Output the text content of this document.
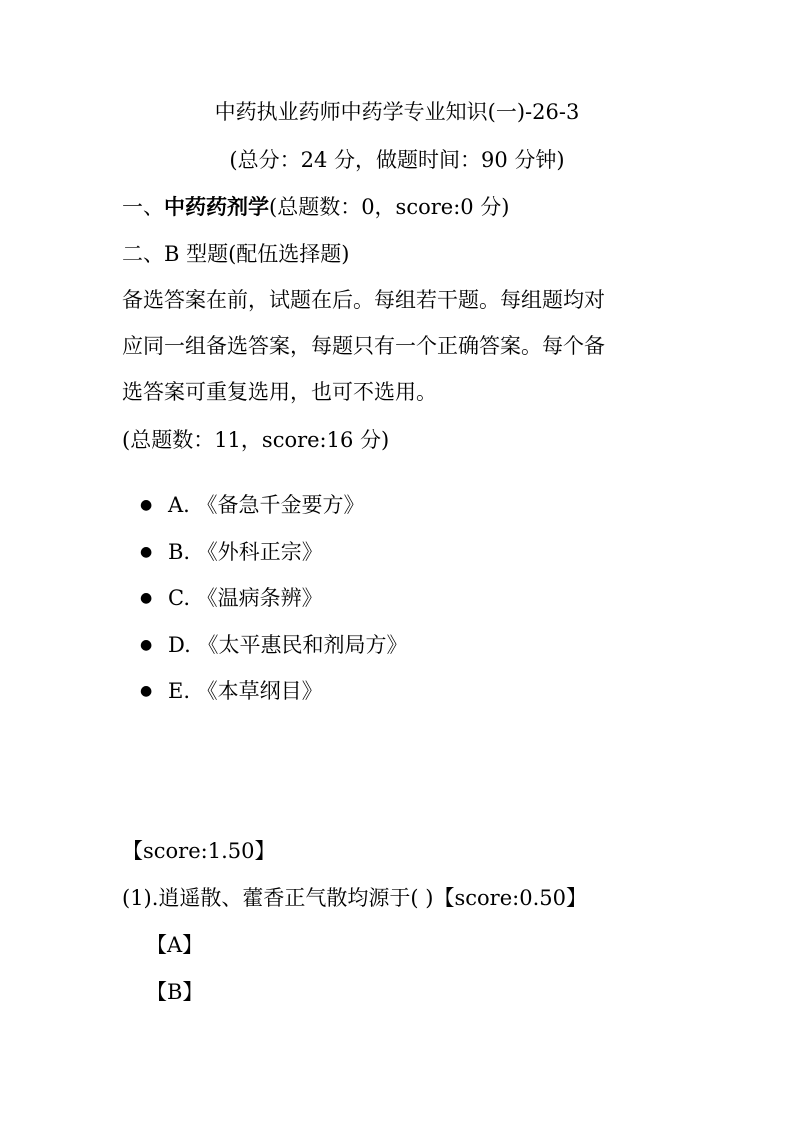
中药执业药师中药学专业知识(一)-26-3
(总分：24 分，做题时间：90 分钟)
一、中药药剂学(总题数：0，score:0 分)
二、B 型题(配伍选择题)
备选答案在前，试题在后。每组若干题。每组题均对
应同一组备选答案，每题只有一个正确答案。每个备
选答案可重复选用，也可不选用。
(总题数：11，score:16 分)
● A. 《备急千金要方》
● B. 《外科正宗》
● C. 《温病条辨》
● D. 《太平惠民和剂局方》
● E. 《本草纲目》
【score:1.50】
(1).逍遥散、藿香正气散均源于( )【score:0.50】
【A】
【B】
